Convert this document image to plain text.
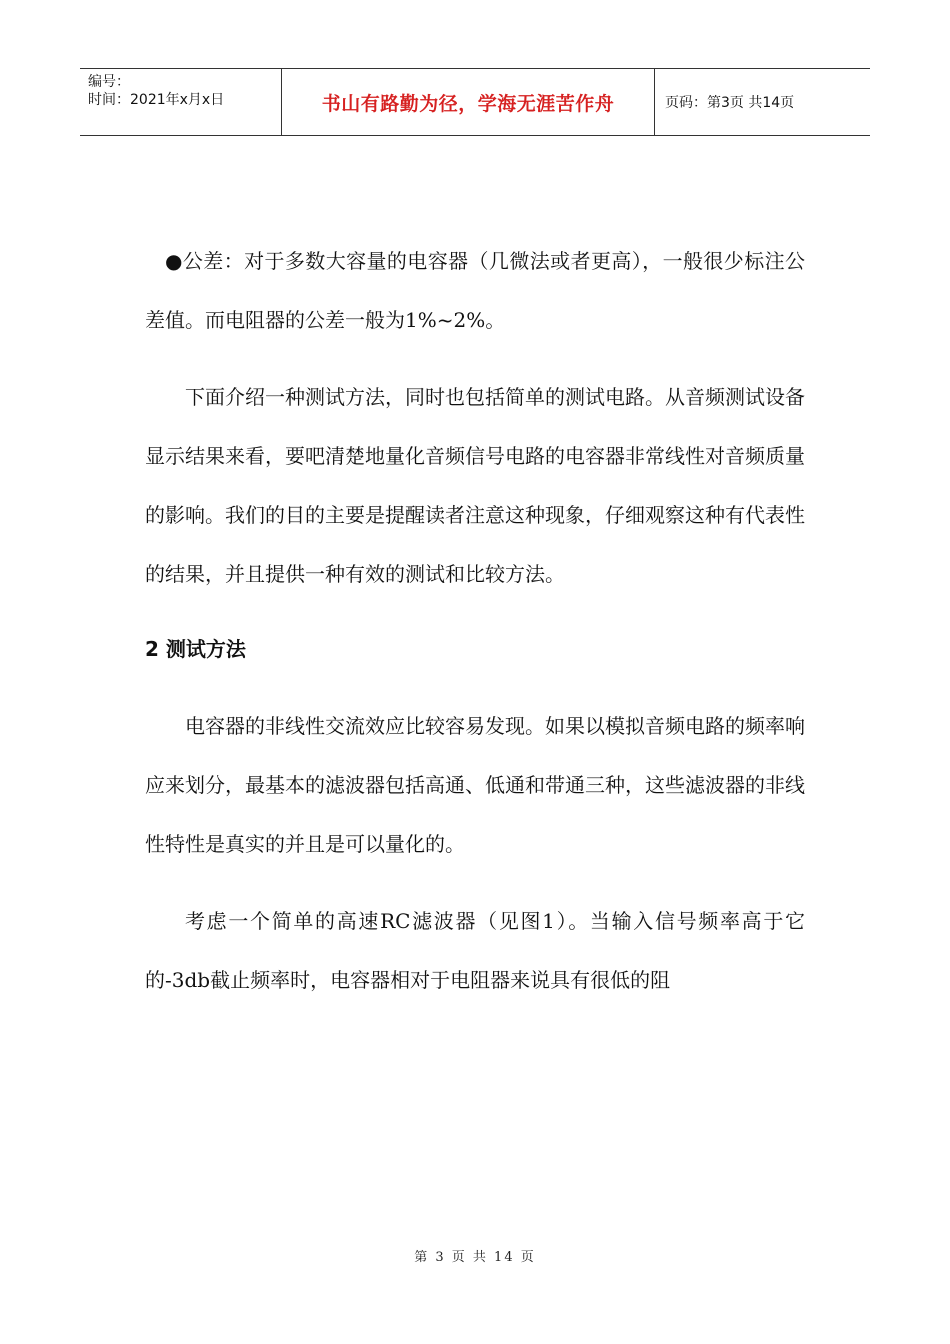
编号：
时间：2021年x月x日	书山有路勤为径，学海无涯苦作舟	页码：第3页 共14页

●公差：对于多数大容量的电容器（几微法或者更高），一般很少标注公差值。而电阻器的公差一般为1%~2%。

下面介绍一种测试方法，同时也包括简单的测试电路。从音频测试设备显示结果来看，要吧清楚地量化音频信号电路的电容器非常线性对音频质量的影响。我们的目的主要是提醒读者注意这种现象，仔细观察这种有代表性的结果，并且提供一种有效的测试和比较方法。

2 测试方法

电容器的非线性交流效应比较容易发现。如果以模拟音频电路的频率响应来划分，最基本的滤波器包括高通、低通和带通三种，这些滤波器的非线性特性是真实的并且是可以量化的。

考虑一个简单的高速RC滤波器（见图1）。当输入信号频率高于它的-3db截止频率时，电容器相对于电阻器来说具有很低的阻

第 3 页 共 14 页
